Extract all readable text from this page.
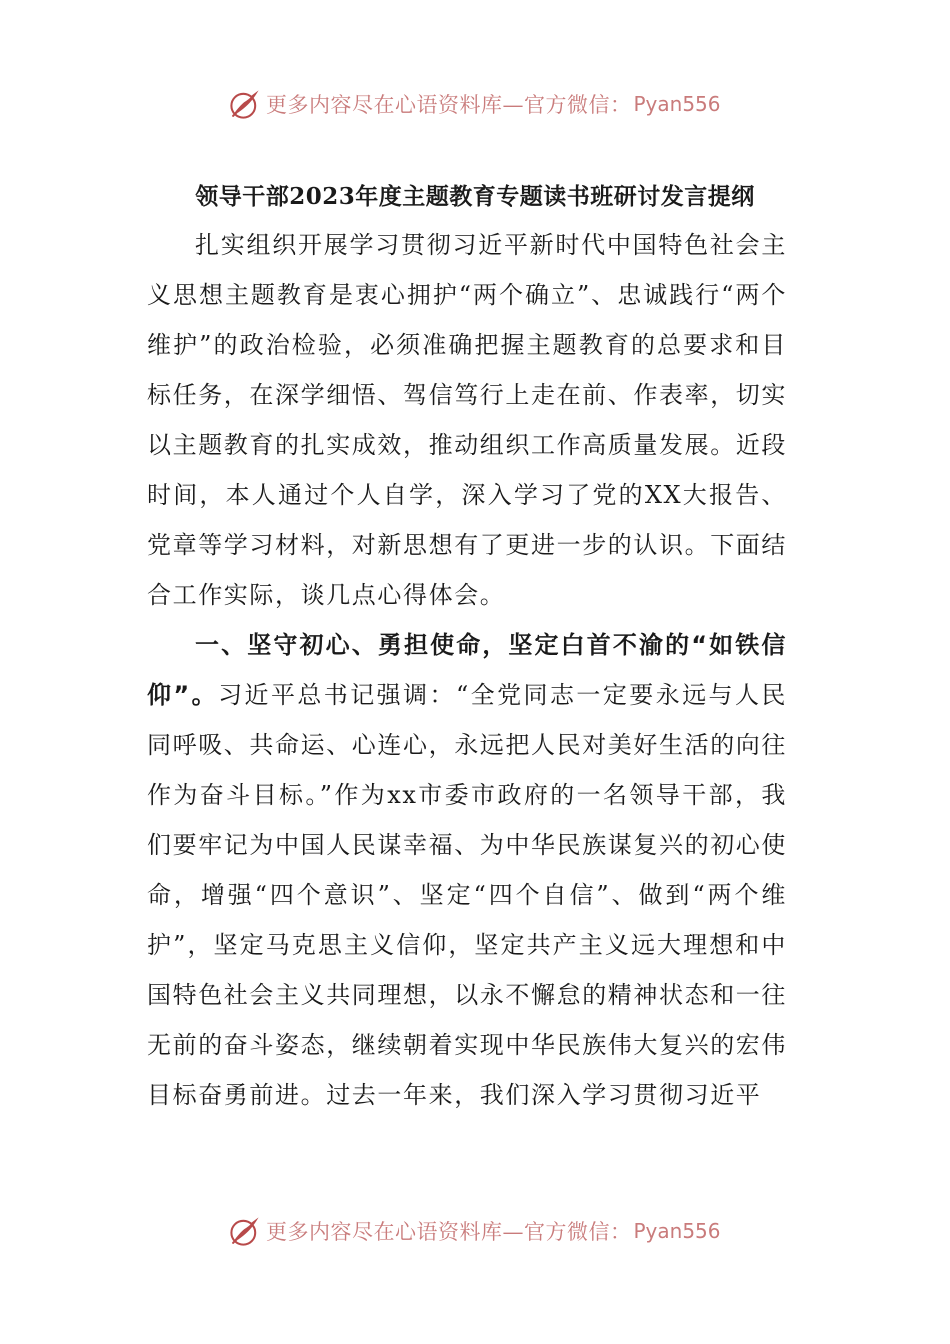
更多内容尽在心语资料库—官方微信： Pyan556
领导干部2023年度主题教育专题读书班研讨发言提纲

扎实组织开展学习贯彻习近平新时代中国特色社会主义思想主题教育是衷心拥护“两个确立”、忠诚践行“两个维护”的政治检验，必须准确把握主题教育的总要求和目标任务，在深学细悟、驾信笃行上走在前、作表率，切实以主题教育的扎实成效，推动组织工作高质量发展。近段时间，本人通过个人自学，深入学习了党的XX大报告、党章等学习材料，对新思想有了更进一步的认识。下面结合工作实际，谈几点心得体会。

一、坚守初心、勇担使命，坚定白首不渝的“如铁信仰”。习近平总书记强调：“全党同志一定要永远与人民同呼吸、共命运、心连心，永远把人民对美好生活的向往作为奋斗目标。”作为xx市委市政府的一名领导干部，我们要牢记为中国人民谋幸福、为中华民族谋复兴的初心使命，增强“四个意识”、坚定“四个自信”、做到“两个维护”，坚定马克思主义信仰，坚定共产主义远大理想和中国特色社会主义共同理想，以永不懈怠的精神状态和一往无前的奋斗姿态，继续朝着实现中华民族伟大复兴的宏伟目标奋勇前进。过去一年来，我们深入学习贯彻习近平

更多内容尽在心语资料库—官方微信： Pyan556
